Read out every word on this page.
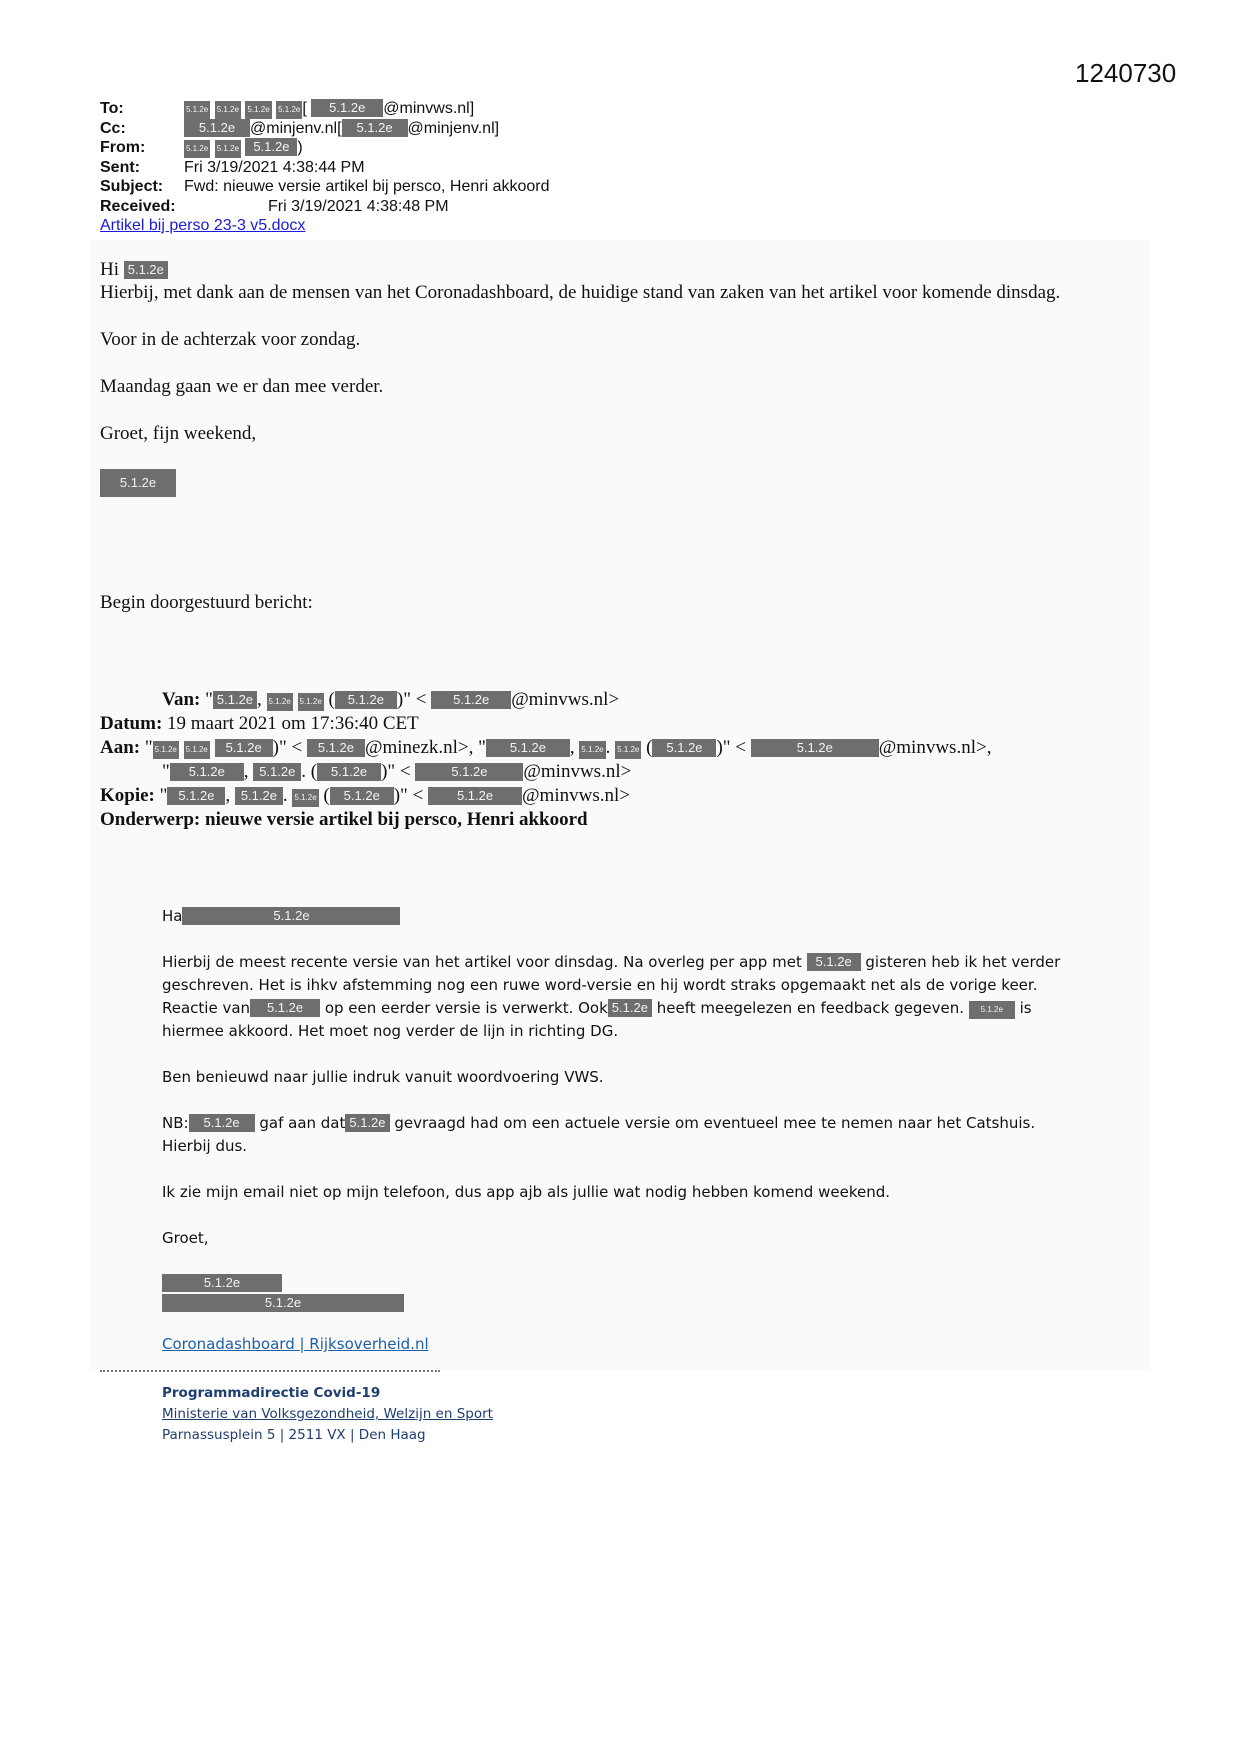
1240730
To:	5.1.2e 5.1.2e 5.1.2e 5.1.2e [ 5.1.2e @minvws.nl]
Cc:	5.1.2e @minjenv.nl[ 5.1.2e @minjenv.nl]
From:	5.1.2e 5.1.2e 5.1.2e )
Sent:	Fri 3/19/2021 4:38:44 PM
Subject: Fwd: nieuwe versie artikel bij persco, Henri akkoord
Received:	Fri 3/19/2021 4:38:48 PM
Artikel bij perso 23-3 v5.docx

Hi 5.1.2e

Hierbij, met dank aan de mensen van het Coronadashboard, de huidige stand van zaken van het artikel voor komende dinsdag.

Voor in de achterzak voor zondag.

Maandag gaan we er dan mee verder.

Groet, fijn weekend,

5.1.2e

Begin doorgestuurd bericht:

Van: " 5.1.2e , 5.1.2e 5.1.2e ( 5.1.2e )" < 5.1.2e @minvws.nl>
Datum: 19 maart 2021 om 17:36:40 CET
Aan: " 5.1.2e 5.1.2e 5.1.2e )" < 5.1.2e @minezk.nl>, " 5.1.2e , 5.1.2e . 5.1.2e ( 5.1.2e )" <	5.1.2e @minvws.nl>,
" 5.1.2e , 5.1.2e . ( 5.1.2e )" <	5.1.2e @minvws.nl>
Kopie: " 5.1.2e , 5.1.2e . 5.1.2e ( 5.1.2e )" < 5.1.2e @minvws.nl>
Onderwerp: nieuwe versie artikel bij persco, Henri akkoord

Ha	5.1.2e

Hierbij de meest recente versie van het artikel voor dinsdag. Na overleg per app met 5.1.2e gisteren heb ik het verder geschreven. Het is ihkv afstemming nog een ruwe word-versie en hij wordt straks opgemaakt net als de vorige keer. Reactie van 5.1.2e op een eerder versie is verwerkt. Ook 5.1.2e heeft meegelezen en feedback gegeven. 5.1.2e is hiermee akkoord. Het moet nog verder de lijn in richting DG.

Ben benieuwd naar jullie indruk vanuit woordvoering VWS.

NB: 5.1.2e gaf aan dat 5.1.2e gevraagd had om een actuele versie om eventueel mee te nemen naar het Catshuis. Hierbij dus.

Ik zie mijn email niet op mijn telefoon, dus app ajb als jullie wat nodig hebben komend weekend.

Groet,

5.1.2e
5.1.2e

Coronadashboard | Rijksoverheid.nl

Programmadirectie Covid-19
Ministerie van Volksgezondheid, Welzijn en Sport
Parnassusplein 5 | 2511 VX | Den Haag
